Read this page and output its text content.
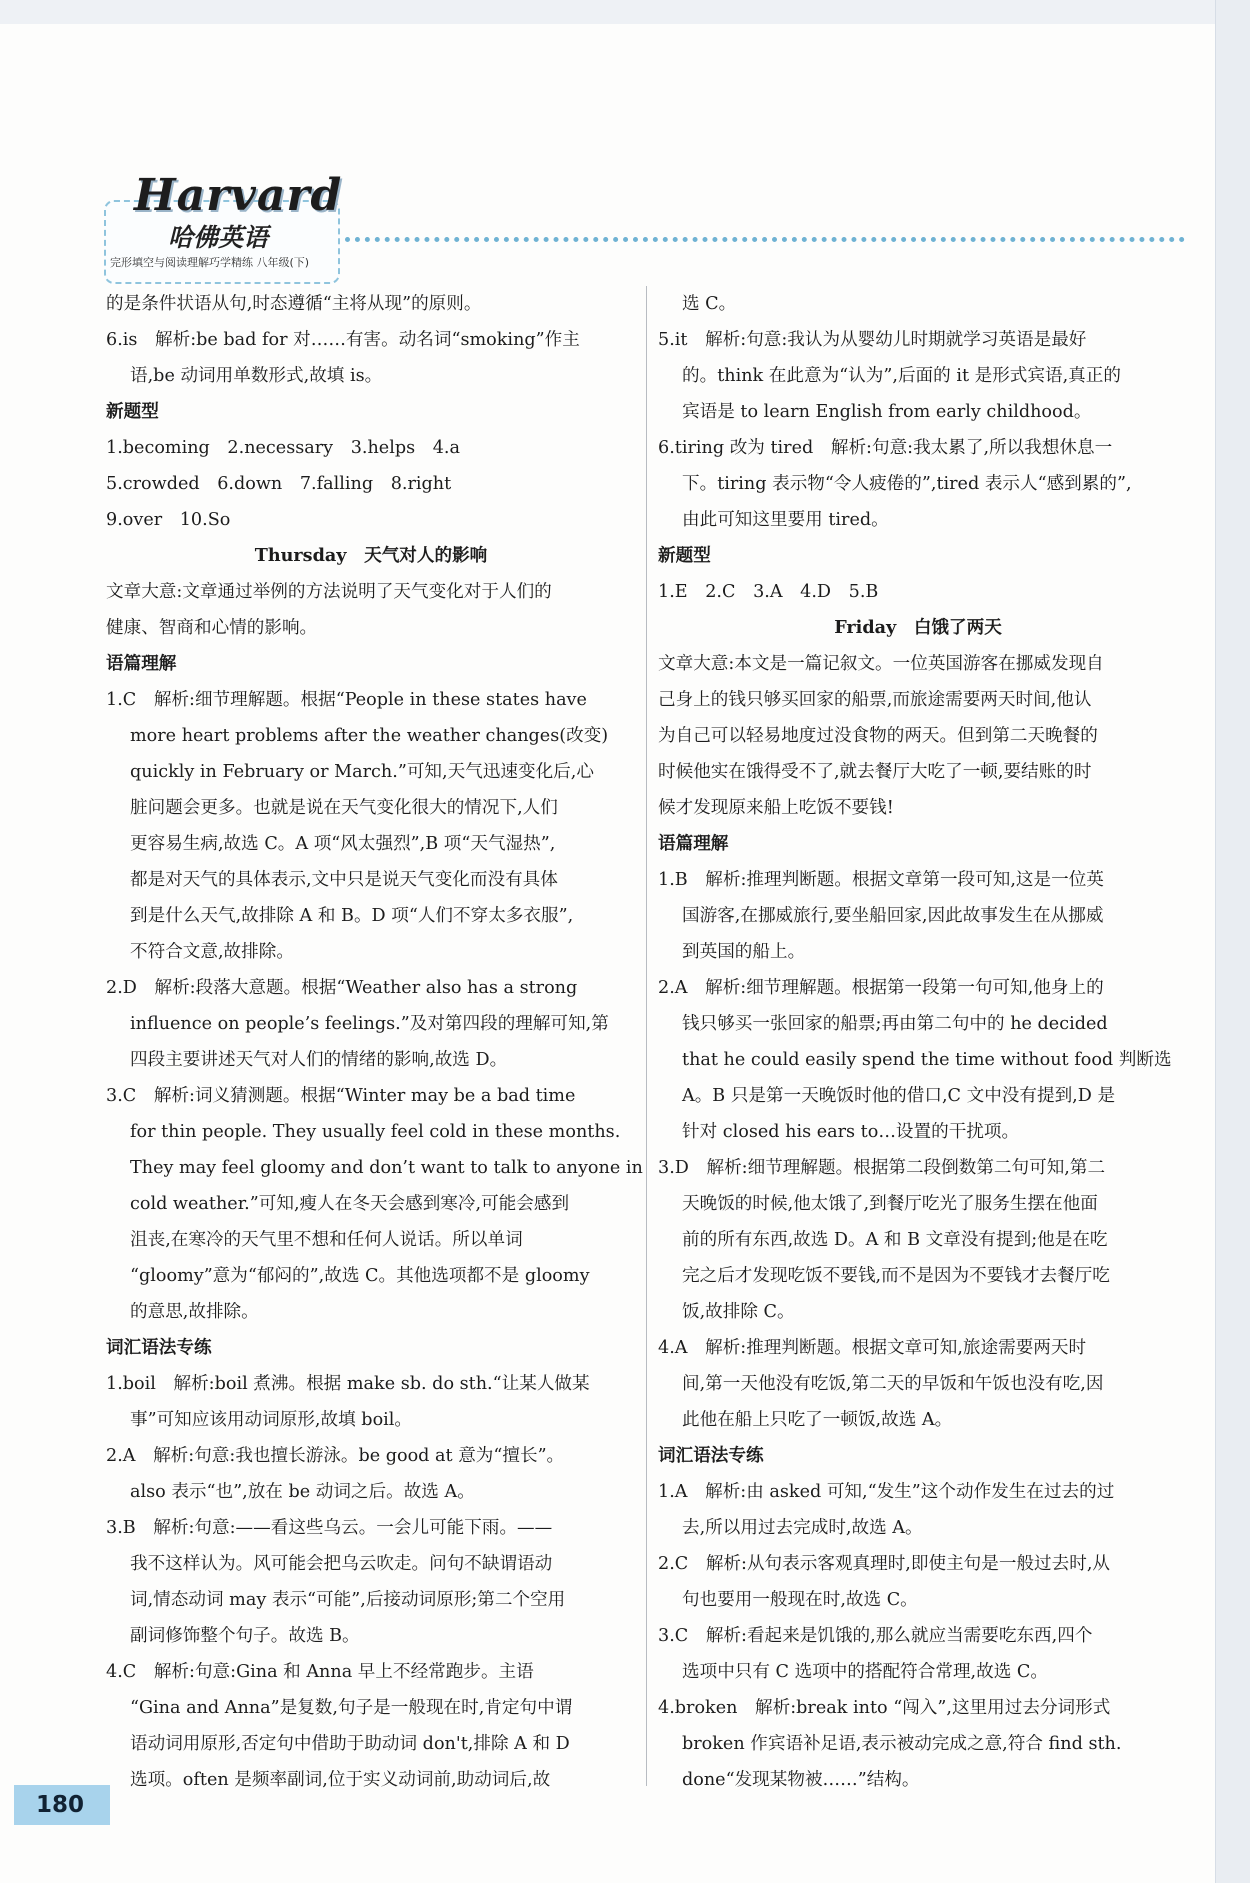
Harvard
哈佛英语
完形填空与阅读理解巧学精练 八年级(下)
的是条件状语从句,时态遵循“主将从现”的原则。
6.is　解析:be bad for 对……有害。动名词“smoking”作主
语,be 动词用单数形式,故填 is。
新题型
1.becoming　2.necessary　3.helps　4.a
5.crowded　6.down　7.falling　8.right
9.over　10.So
Thursday　天气对人的影响
文章大意:文章通过举例的方法说明了天气变化对于人们的
健康、智商和心情的影响。
语篇理解
1.C　解析:细节理解题。根据“People in these states have
more heart problems after the weather changes(改变)
quickly in February or March.”可知,天气迅速变化后,心
脏问题会更多。也就是说在天气变化很大的情况下,人们
更容易生病,故选 C。A 项“风太强烈”,B 项“天气湿热”,
都是对天气的具体表示,文中只是说天气变化而没有具体
到是什么天气,故排除 A 和 B。D 项“人们不穿太多衣服”,
不符合文意,故排除。
2.D　解析:段落大意题。根据“Weather also has a strong
influence on people’s feelings.”及对第四段的理解可知,第
四段主要讲述天气对人们的情绪的影响,故选 D。
3.C　解析:词义猜测题。根据“Winter may be a bad time
for thin people. They usually feel cold in these months.
They may feel gloomy and don’t want to talk to anyone in
cold weather.”可知,瘦人在冬天会感到寒冷,可能会感到
沮丧,在寒冷的天气里不想和任何人说话。所以单词
“gloomy”意为“郁闷的”,故选 C。其他选项都不是 gloomy
的意思,故排除。
词汇语法专练
1.boil　解析:boil 煮沸。根据 make sb. do sth.“让某人做某
事”可知应该用动词原形,故填 boil。
2.A　解析:句意:我也擅长游泳。be good at 意为“擅长”。
also 表示“也”,放在 be 动词之后。故选 A。
3.B　解析:句意:——看这些乌云。一会儿可能下雨。——
我不这样认为。风可能会把乌云吹走。问句不缺谓语动
词,情态动词 may 表示“可能”,后接动词原形;第二个空用
副词修饰整个句子。故选 B。
4.C　解析:句意:Gina 和 Anna 早上不经常跑步。主语
“Gina and Anna”是复数,句子是一般现在时,肯定句中谓
语动词用原形,否定句中借助于助动词 don't,排除 A 和 D
选项。often 是频率副词,位于实义动词前,助动词后,故
选 C。
5.it　解析:句意:我认为从婴幼儿时期就学习英语是最好
的。think 在此意为“认为”,后面的 it 是形式宾语,真正的
宾语是 to learn English from early childhood。
6.tiring 改为 tired　解析:句意:我太累了,所以我想休息一
下。tiring 表示物“令人疲倦的”,tired 表示人“感到累的”,
由此可知这里要用 tired。
新题型
1.E　2.C　3.A　4.D　5.B
Friday　白饿了两天
文章大意:本文是一篇记叙文。一位英国游客在挪威发现自
己身上的钱只够买回家的船票,而旅途需要两天时间,他认
为自己可以轻易地度过没食物的两天。但到第二天晚餐的
时候他实在饿得受不了,就去餐厅大吃了一顿,要结账的时
候才发现原来船上吃饭不要钱!
语篇理解
1.B　解析:推理判断题。根据文章第一段可知,这是一位英
国游客,在挪威旅行,要坐船回家,因此故事发生在从挪威
到英国的船上。
2.A　解析:细节理解题。根据第一段第一句可知,他身上的
钱只够买一张回家的船票;再由第二句中的 he decided
that he could easily spend the time without food 判断选
A。B 只是第一天晚饭时他的借口,C 文中没有提到,D 是
针对 closed his ears to…设置的干扰项。
3.D　解析:细节理解题。根据第二段倒数第二句可知,第二
天晚饭的时候,他太饿了,到餐厅吃光了服务生摆在他面
前的所有东西,故选 D。A 和 B 文章没有提到;他是在吃
完之后才发现吃饭不要钱,而不是因为不要钱才去餐厅吃
饭,故排除 C。
4.A　解析:推理判断题。根据文章可知,旅途需要两天时
间,第一天他没有吃饭,第二天的早饭和午饭也没有吃,因
此他在船上只吃了一顿饭,故选 A。
词汇语法专练
1.A　解析:由 asked 可知,“发生”这个动作发生在过去的过
去,所以用过去完成时,故选 A。
2.C　解析:从句表示客观真理时,即使主句是一般过去时,从
句也要用一般现在时,故选 C。
3.C　解析:看起来是饥饿的,那么就应当需要吃东西,四个
选项中只有 C 选项中的搭配符合常理,故选 C。
4.broken　解析:break into “闯入”,这里用过去分词形式
broken 作宾语补足语,表示被动完成之意,符合 find sth.
done“发现某物被……”结构。
180
